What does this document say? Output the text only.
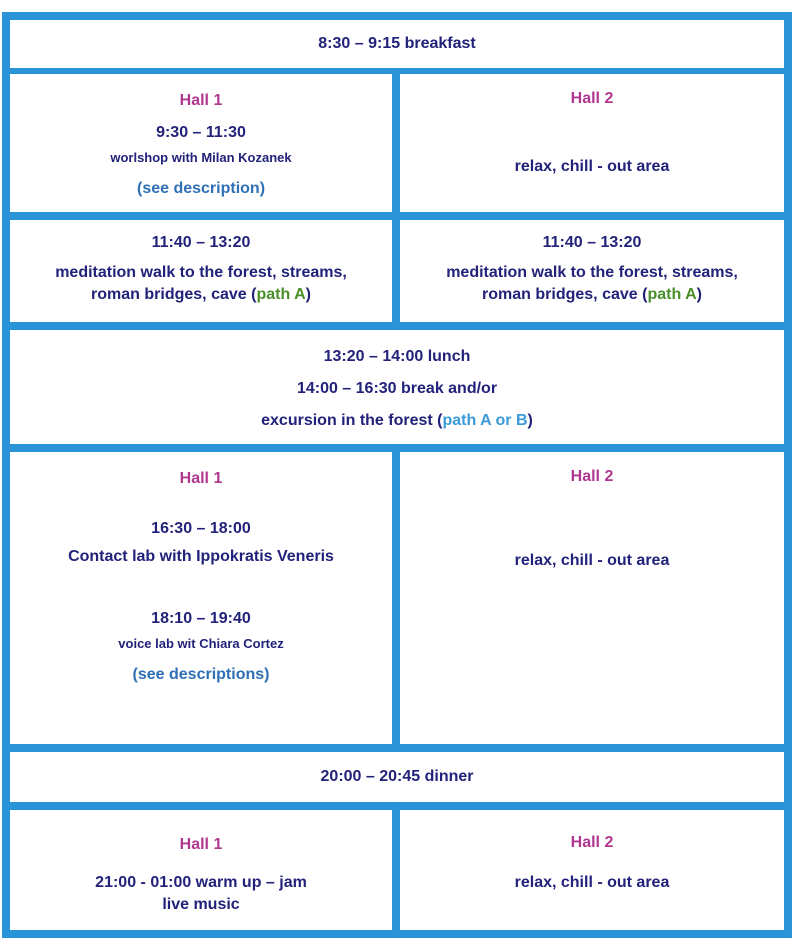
8:30 – 9:15 breakfast
Hall 1
9:30 – 11:30
worlshop with Milan Kozanek
(see description)
Hall 2
relax, chill - out area
11:40 – 13:20
meditation walk to the forest, streams,
roman bridges, cave (path A)
11:40 – 13:20
meditation walk to the forest, streams,
roman bridges, cave (path A)
13:20 – 14:00 lunch
14:00 – 16:30 break and/or
excursion in the forest (path A or B)
Hall 1
16:30 – 18:00
Contact lab with Ippokratis Veneris
18:10 – 19:40
voice lab wit Chiara Cortez
(see descriptions)
Hall 2
relax, chill - out area
20:00 – 20:45 dinner
Hall 1
21:00 - 01:00 warm up – jam
live music
Hall 2
relax, chill - out area
